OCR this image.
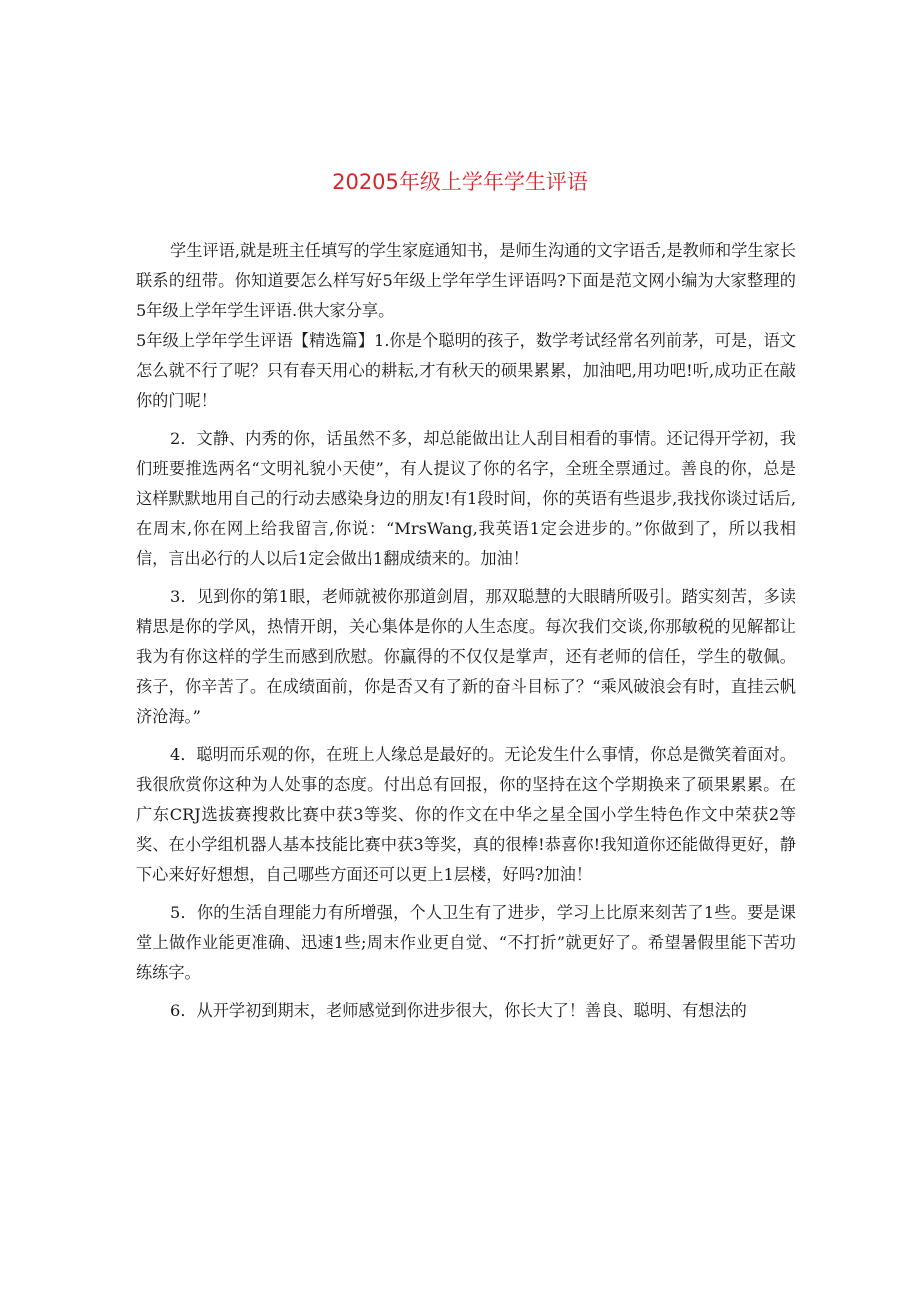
20205年级上学年学生评语

学生评语,就是班主任填写的学生家庭通知书，是师生沟通的文字语舌,是教师和学生家长联系的纽带。你知道要怎么样写好5年级上学年学生评语吗?下面是范文网小编为大家整理的5年级上学年学生评语.供大家分享。

5年级上学年学生评语【精选篇】1.你是个聪明的孩子，数学考试经常名列前茅，可是，语文怎么就不行了呢？只有春天用心的耕耘,才有秋天的硕果累累，加油吧,用功吧!听,成功正在敲你的门呢！

2．文静、内秀的你，话虽然不多，却总能做出让人刮目相看的事情。还记得开学初，我们班要推选两名“文明礼貌小天使”，有人提议了你的名字，全班全票通过。善良的你，总是这样默默地用自己的行动去感染身边的朋友!有1段时间，你的英语有些退步,我找你谈过话后,在周末,你在网上给我留言,你说：“MrsWang,我英语1定会进步的。”你做到了，所以我相信，言出必行的人以后1定会做出1翻成绩来的。加油！

3．见到你的第1眼，老师就被你那道剑眉，那双聪慧的大眼睛所吸引。踏实刻苦，多读精思是你的学风，热情开朗，关心集体是你的人生态度。每次我们交谈,你那敏税的见解都让我为有你这样的学生而感到欣慰。你赢得的不仅仅是掌声，还有老师的信任，学生的敬佩。孩子，你辛苦了。在成绩面前，你是否又有了新的奋斗目标了？“乘风破浪会有时，直挂云帆济沧海。”

4．聪明而乐观的你，在班上人缘总是最好的。无论发生什么事情，你总是微笑着面对。我很欣赏你这种为人处事的态度。付出总有回报，你的坚持在这个学期换来了硕果累累。在广东CRJ选拔赛搜救比赛中获3等奖、你的作文在中华之星全国小学生特色作文中荣获2等奖、在小学组机器人基本技能比赛中获3等奖，真的很棒!恭喜你!我知道你还能做得更好，静下心来好好想想，自己哪些方面还可以更上1层楼，好吗?加油！

5．你的生活自理能力有所增强，个人卫生有了进步，学习上比原来刻苦了1些。要是课堂上做作业能更准确、迅速1些;周末作业更自觉、“不打折”就更好了。希望暑假里能下苦功练练字。

6．从开学初到期末，老师感觉到你进步很大，你长大了！善良、聪明、有想法的
